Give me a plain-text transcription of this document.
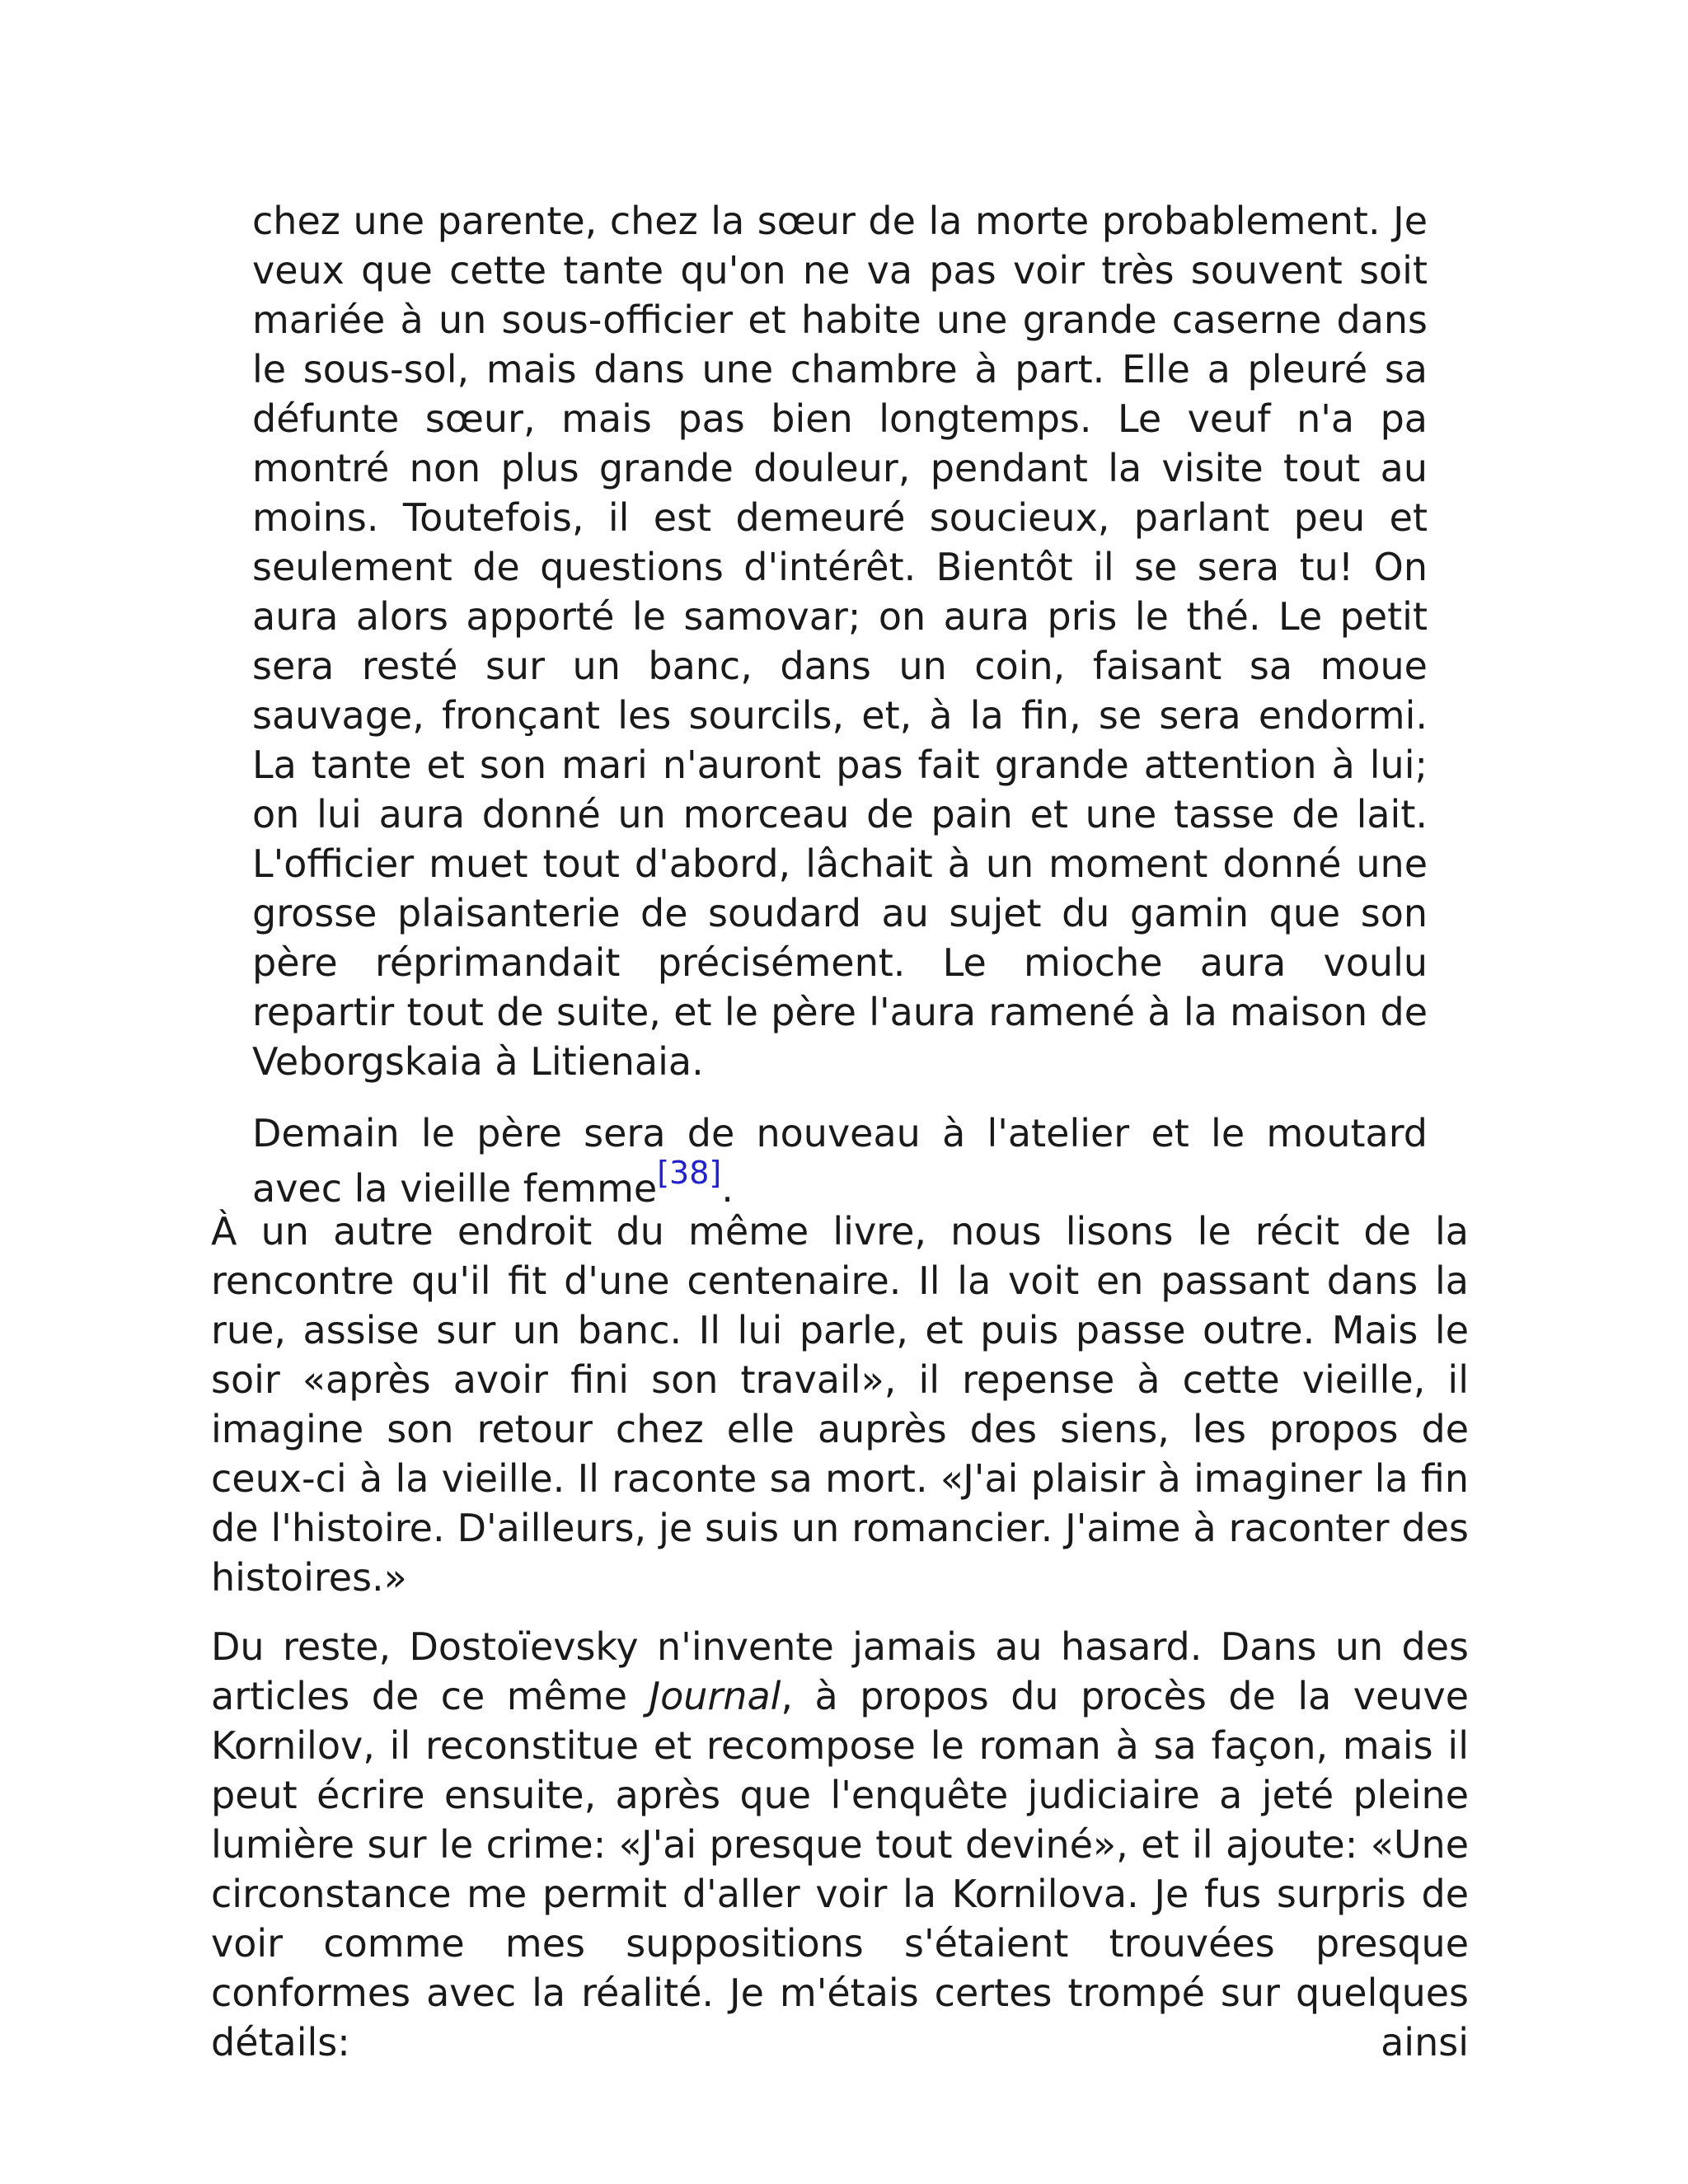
chez une parente, chez la sœur de la morte probablement. Je veux que cette tante qu'on ne va pas voir très souvent soit mariée à un sous-officier et habite une grande caserne dans le sous-sol, mais dans une chambre à part. Elle a pleuré sa défunte sœur, mais pas bien longtemps. Le veuf n'a pa montré non plus grande douleur, pendant la visite tout au moins. Toutefois, il est demeuré soucieux, parlant peu et seulement de questions d'intérêt. Bientôt il se sera tu! On aura alors apporté le samovar; on aura pris le thé. Le petit sera resté sur un banc, dans un coin, faisant sa moue sauvage, fronçant les sourcils, et, à la fin, se sera endormi. La tante et son mari n'auront pas fait grande attention à lui; on lui aura donné un morceau de pain et une tasse de lait. L'officier muet tout d'abord, lâchait à un moment donné une grosse plaisanterie de soudard au sujet du gamin que son père réprimandait précisément. Le mioche aura voulu repartir tout de suite, et le père l'aura ramené à la maison de Veborgskaia à Litienaia.

Demain le père sera de nouveau à l'atelier et le moutard avec la vieille femme[38].

À un autre endroit du même livre, nous lisons le récit de la rencontre qu'il fit d'une centenaire. Il la voit en passant dans la rue, assise sur un banc. Il lui parle, et puis passe outre. Mais le soir «après avoir fini son travail», il repense à cette vieille, il imagine son retour chez elle auprès des siens, les propos de ceux-ci à la vieille. Il raconte sa mort. «J'ai plaisir à imaginer la fin de l'histoire. D'ailleurs, je suis un romancier. J'aime à raconter des histoires.»

Du reste, Dostoïevsky n'invente jamais au hasard. Dans un des articles de ce même Journal, à propos du procès de la veuve Kornilov, il reconstitue et recompose le roman à sa façon, mais il peut écrire ensuite, après que l'enquête judiciaire a jeté pleine lumière sur le crime: «J'ai presque tout deviné», et il ajoute: «Une circonstance me permit d'aller voir la Kornilova. Je fus surpris de voir comme mes suppositions s'étaient trouvées presque conformes avec la réalité. Je m'étais certes trompé sur quelques détails: ainsi
